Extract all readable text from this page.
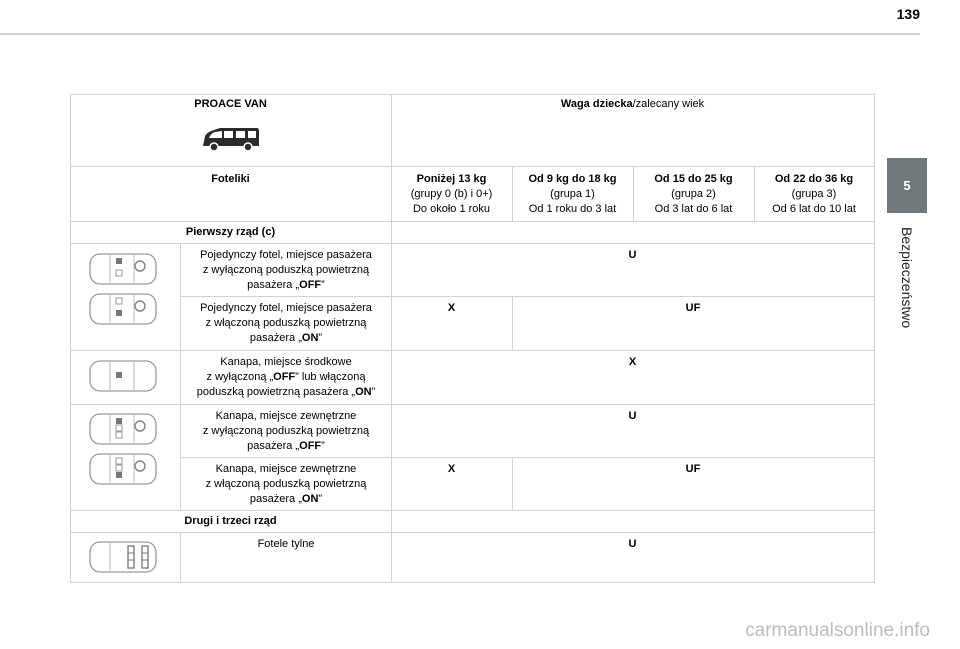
139
5
Bezpieczeństwo
PROACE VAN	Waga dziecka/zalecany wiek
Foteliki	Poniżej 13 kg
(grupy 0 (b) i 0+)
Do około 1 roku
Od 9 kg do 18 kg
(grupa 1)
Od 1 roku do 3 lat
Od 15 do 25 kg
(grupa 2)
Od 3 lat do 6 lat
Od 22 do 36 kg
(grupa 3)
Od 6 lat do 10 lat
Pierwszy rząd (c)
Pojedynczy fotel, miejsce pasażera
z wyłączoną poduszką powietrzną
pasażera „OFF”
U
Pojedynczy fotel, miejsce pasażera
z włączoną poduszką powietrzną
pasażera „ON”
X	UF
Kanapa, miejsce środkowe
z wyłączoną „OFF” lub włączoną
poduszką powietrzną pasażera „ON”
X
Kanapa, miejsce zewnętrzne
z wyłączoną poduszką powietrzną
pasażera „OFF”
U
Kanapa, miejsce zewnętrzne
z włączoną poduszką powietrzną
pasażera „ON”
X	UF
Drugi i trzeci rząd
Fotele tylne	U
carmanualsonline.info
